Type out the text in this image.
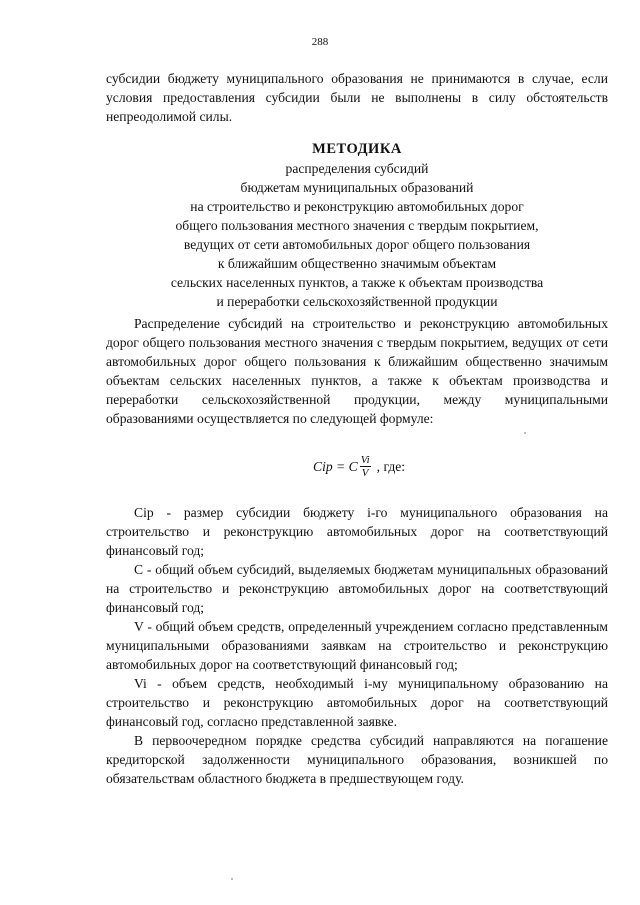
288
субсидии бюджету муниципального образования не принимаются в случае, если условия предоставления субсидии были не выполнены в силу обстоятельств непреодолимой силы.
МЕТОДИКА
распределения субсидий
бюджетам муниципальных образований
на строительство и реконструкцию автомобильных дорог
общего пользования местного значения с твердым покрытием,
ведущих от сети автомобильных дорог общего пользования
к ближайшим общественно значимым объектам
сельских населенных пунктов, а также к объектам производства
и переработки сельскохозяйственной продукции
Распределение субсидий на строительство и реконструкцию автомобильных дорог общего пользования местного значения с твердым покрытием, ведущих от сети автомобильных дорог общего пользования к ближайшим общественно значимым объектам сельских населенных пунктов, а также к объектам производства и переработки сельскохозяйственной продукции, между муниципальными образованиями осуществляется по следующей формуле:
Сip = С $\frac{Vi}{V}$ , где:

Сip - размер субсидии бюджету i-го муниципального образования на строительство и реконструкцию автомобильных дорог на соответствующий финансовый год;

С - общий объем субсидий, выделяемых бюджетам муниципальных образований на строительство и реконструкцию автомобильных дорог на соответствующий финансовый год;

V - общий объем средств, определенный учреждением согласно представленным муниципальными образованиями заявкам на строительство и реконструкцию автомобильных дорог на соответствующий финансовый год;

Vi - объем средств, необходимый i-му муниципальному образованию на строительство и реконструкцию автомобильных дорог на соответствующий финансовый год, согласно представленной заявке.

В первоочередном порядке средства субсидий направляются на погашение кредиторской задолженности муниципального образования, возникшей по обязательствам областного бюджета в предшествующем году.
